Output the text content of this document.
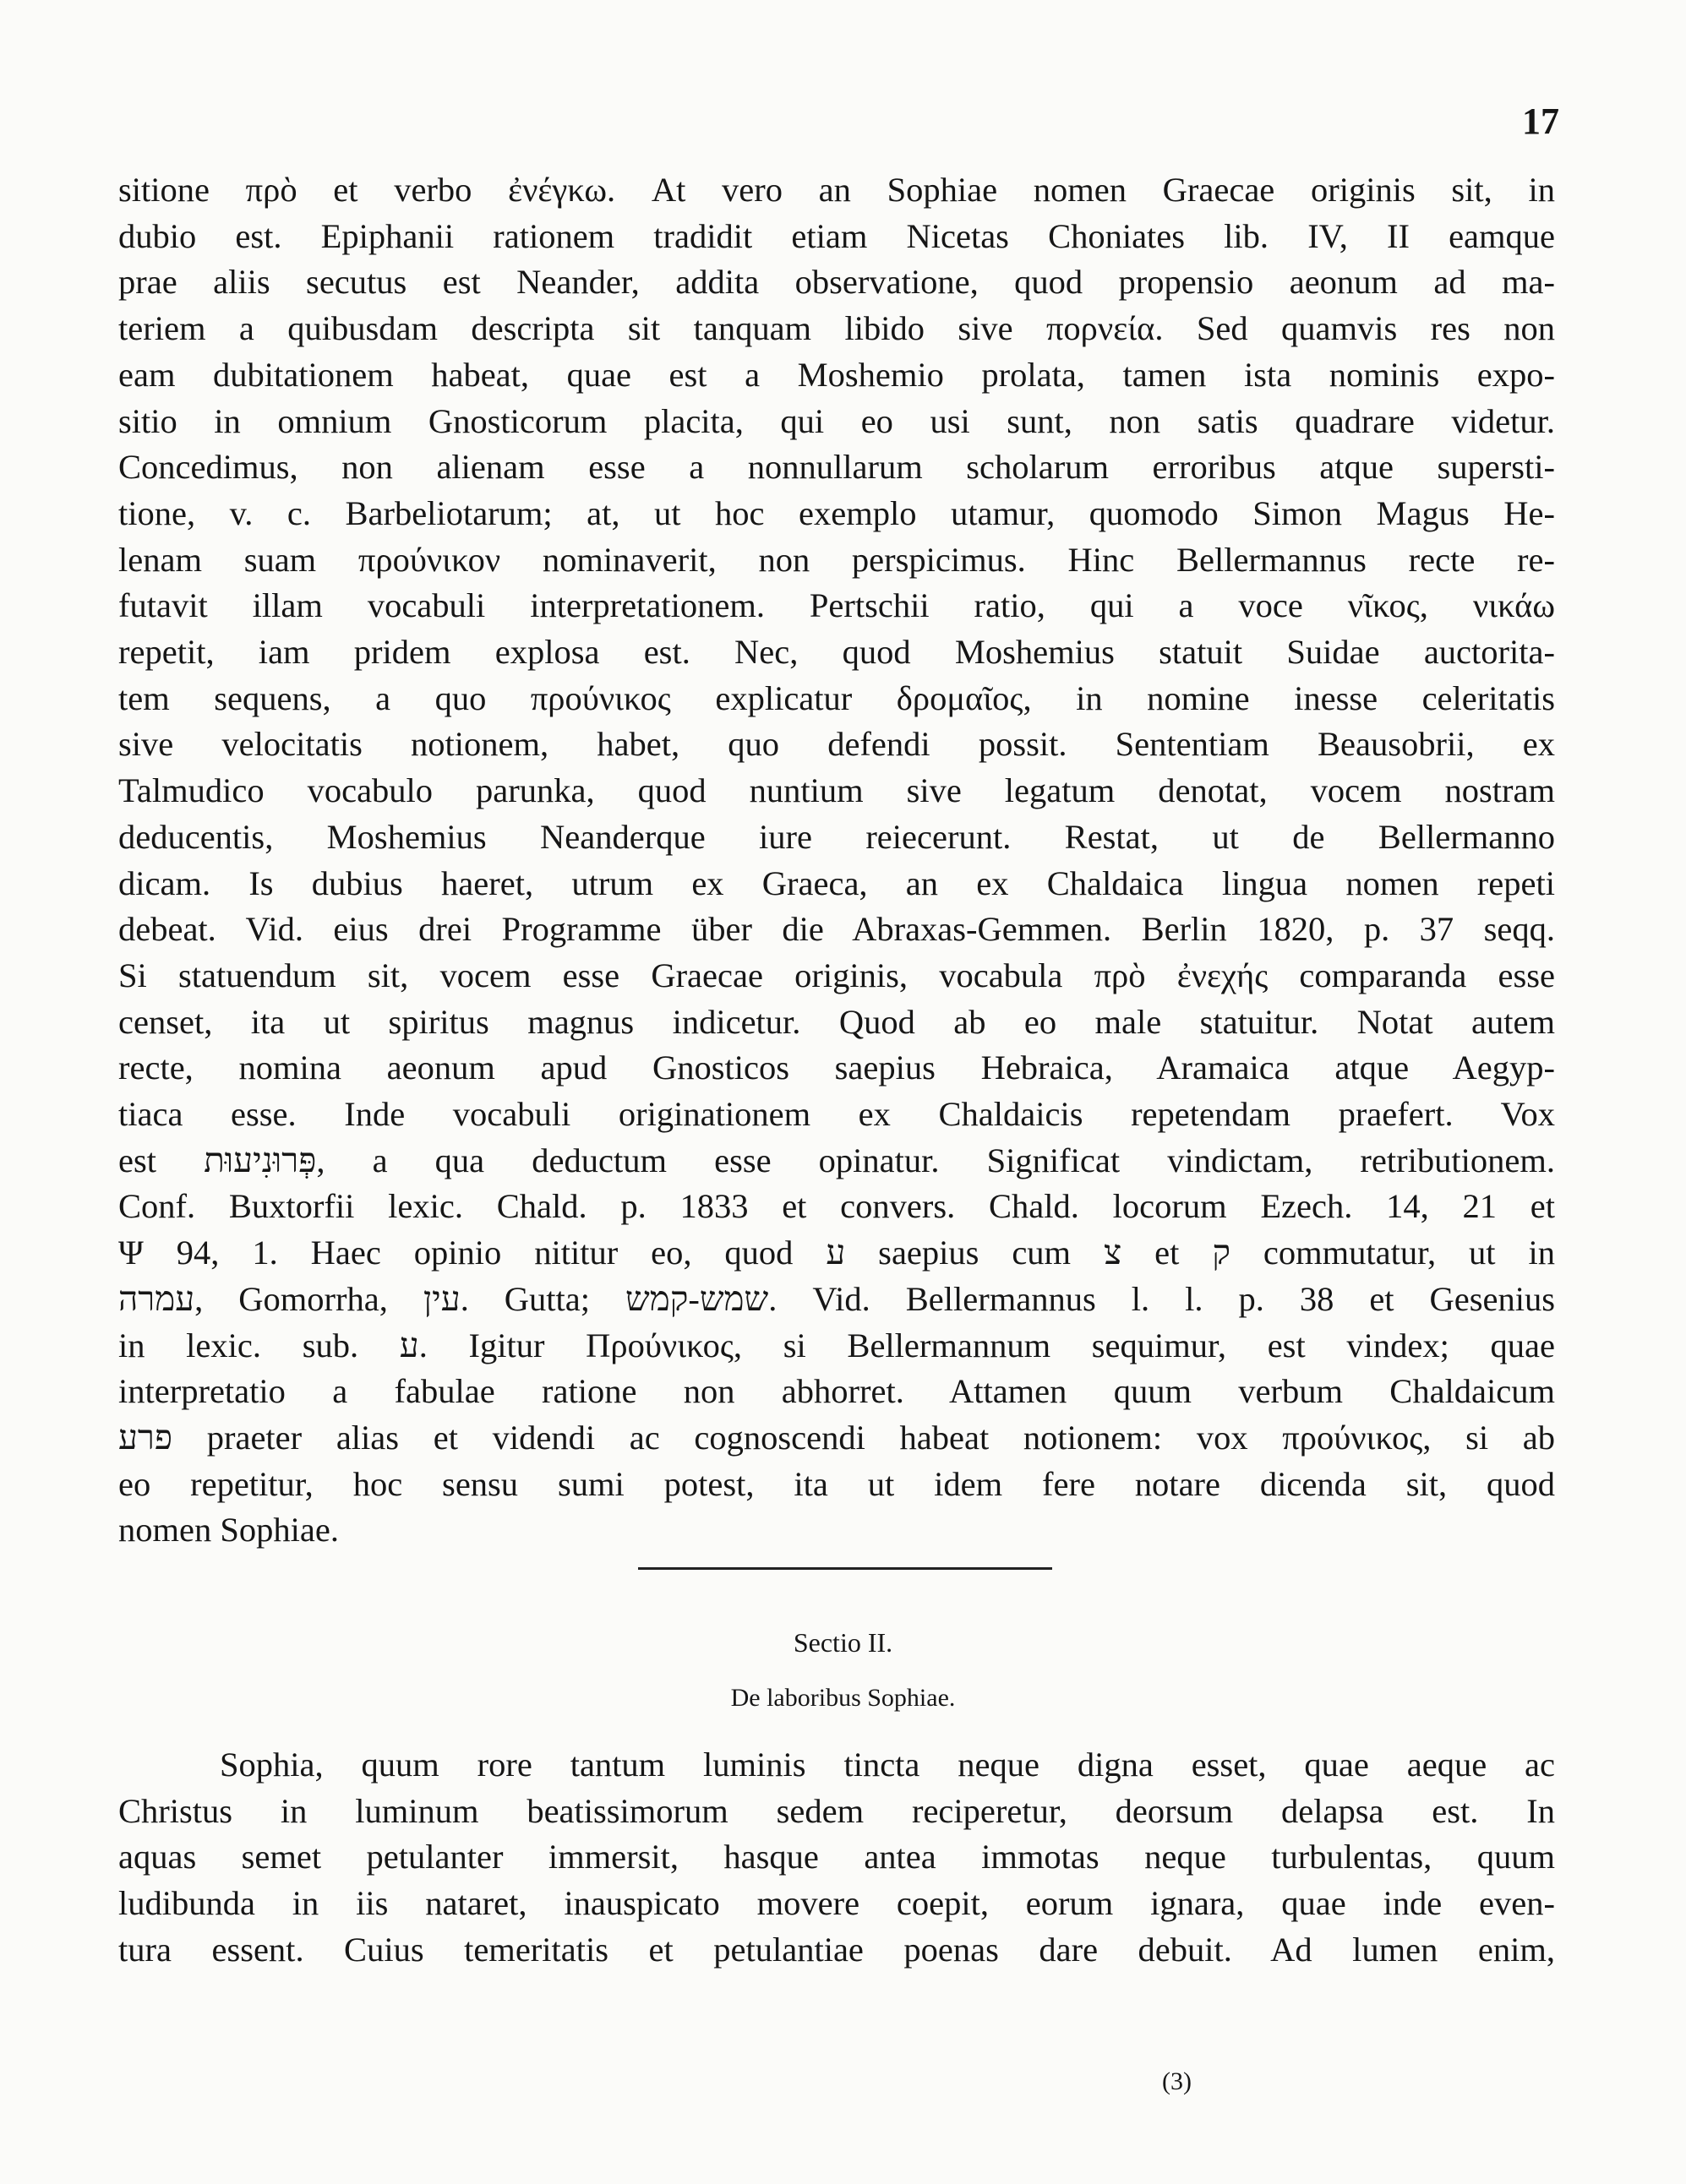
17
sitione πρὸ et verbo ἐνέγκω. At vero an Sophiae nomen Graecae originis sit, in
dubio est. Epiphanii rationem tradidit etiam Nicetas Choniates lib. IV, II eamque
prae aliis secutus est Neander, addita observatione, quod propensio aeonum ad ma-
teriem a quibusdam descripta sit tanquam libido sive πορνεία. Sed quamvis res non
eam dubitationem habeat, quae est a Moshemio prolata, tamen ista nominis expo-
sitio in omnium Gnosticorum placita, qui eo usi sunt, non satis quadrare videtur.
Concedimus, non alienam esse a nonnullarum scholarum erroribus atque supersti-
tione, v. c. Barbeliotarum; at, ut hoc exemplo utamur, quomodo Simon Magus He-
lenam suam προύνικον nominaverit, non perspicimus. Hinc Bellermannus recte re-
futavit illam vocabuli interpretationem. Pertschii ratio, qui a voce νῖκος, νικάω
repetit, iam pridem explosa est. Nec, quod Moshemius statuit Suidae auctorita-
tem sequens, a quo προύνικος explicatur δρομαῖος, in nomine inesse celeritatis
sive velocitatis notionem, habet, quo defendi possit. Sententiam Beausobrii, ex
Talmudico vocabulo parunka, quod nuntium sive legatum denotat, vocem nostram
deducentis, Moshemius Neanderque iure reiecerunt. Restat, ut de Bellermanno
dicam. Is dubius haeret, utrum ex Graeca, an ex Chaldaica lingua nomen repeti
debeat. Vid. eius drei Programme über die Abraxas-Gemmen. Berlin 1820, p. 37 seqq.
Si statuendum sit, vocem esse Graecae originis, vocabula πρὸ ἐνεχής comparanda esse
censet, ita ut spiritus magnus indicetur. Quod ab eo male statuitur. Notat autem
recte, nomina aeonum apud Gnosticos saepius Hebraica, Aramaica atque Aegyp-
tiaca esse. Inde vocabuli originationem ex Chaldaicis repetendam praefert. Vox
est פְּרוּנִיעוּת, a qua deductum esse opinatur. Significat vindictam, retributionem.
Conf. Buxtorfii lexic. Chald. p. 1833 et convers. Chald. locorum Ezech. 14, 21 et
Ψ 94, 1. Haec opinio nititur eo, quod ע saepius cum צ et ק commutatur, ut in
עמרה, Gomorrha, עין. Gutta; שמש-קמש. Vid. Bellermannus l. l. p. 38 et Gesenius
in lexic. sub. ע. Igitur Προύνικος, si Bellermannum sequimur, est vindex; quae
interpretatio a fabulae ratione non abhorret. Attamen quum verbum Chaldaicum
פרע praeter alias et videndi ac cognoscendi habeat notionem: vox προύνικος, si ab
eo repetitur, hoc sensu sumi potest, ita ut idem fere notare dicenda sit, quod
nomen Sophiae.
Sectio II.
De laboribus Sophiae.
Sophia, quum rore tantum luminis tincta neque digna esset, quae aeque ac
Christus in luminum beatissimorum sedem reciperetur, deorsum delapsa est. In
aquas semet petulanter immersit, hasque antea immotas neque turbulentas, quum
ludibunda in iis nataret, inauspicato movere coepit, eorum ignara, quae inde even-
tura essent. Cuius temeritatis et petulantiae poenas dare debuit. Ad lumen enim,
(3)
